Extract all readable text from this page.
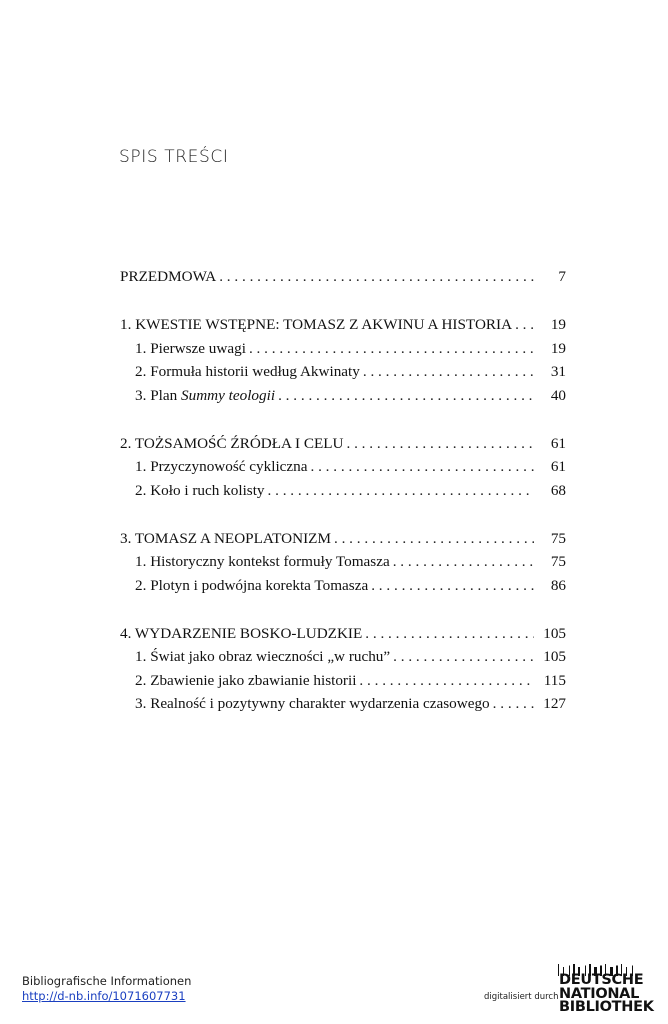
SPIS TREŚCI
PRZEDMOWA . . .	7
1. KWESTIE WSTĘPNE: TOMASZ Z AKWINU A HISTORIA . . .	19
1. Pierwsze uwagi . . .	19
2. Formuła historii według Akwinaty . . .	31
3. Plan Summy teologii . . .	40
2. TOŻSAMOŚĆ ŹRÓDŁA I CELU . . .	61
1. Przyczynowość cykliczna . . .	61
2. Koło i ruch kolisty . . .	68
3. TOMASZ A NEOPLATONIZM . . .	75
1. Historyczny kontekst formuły Tomasza . . .	75
2. Plotyn i podwójna korekta Tomasza . . .	86
4. WYDARZENIE BOSKO-LUDZKIE . . .	105
1. Świat jako obraz wieczności „w ruchu” . . .	105
2. Zbawienie jako zbawianie historii . . .	115
3. Realność i pozytywny charakter wydarzenia czasowego . . .	127
Bibliografische Informationen
http://d-nb.info/1071607731	digitalisiert durch
DEUTSCHE
NATIONAL
BIBLIOTHEK
